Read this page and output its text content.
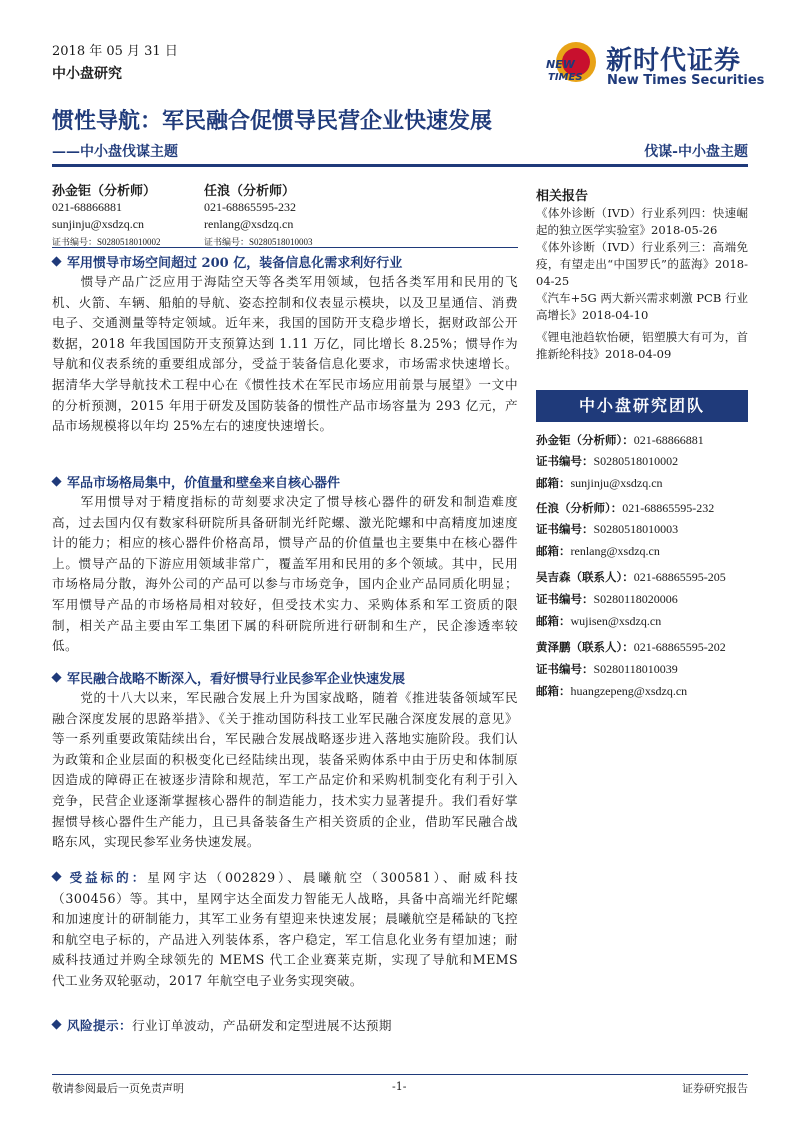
2018 年 05 月 31 日
中小盘研究
NEW
TIMES
新时代证券
New Times Securities
惯性导航：军民融合促惯导民营企业快速发展
——中小盘伐谋主题	伐谋-中小盘主题
孙金钜（分析师）
021-68866881
sunjinju@xsdzq.cn
证书编号：S0280518010002
任浪（分析师）
021-68865595-232
renlang@xsdzq.cn
证书编号：S0280518010003
军用惯导市场空间超过 200 亿，装备信息化需求利好行业
惯导产品广泛应用于海陆空天等各类军用领域，包括各类军用和民用的飞机、火箭、车辆、船舶的导航、姿态控制和仪表显示模块，以及卫星通信、消费电子、交通测量等特定领域。近年来，我国的国防开支稳步增长，据财政部公开数据，2018 年我国国防开支预算达到 1.11 万亿，同比增长 8.25%；惯导作为导航和仪表系统的重要组成部分，受益于装备信息化要求，市场需求快速增长。据清华大学导航技术工程中心在《惯性技术在军民市场应用前景与展望》一文中的分析预测，2015 年用于研发及国防装备的惯性产品市场容量为 293 亿元，产品市场规模将以年均 25%左右的速度快速增长。
军品市场格局集中，价值量和壁垒来自核心器件
军用惯导对于精度指标的苛刻要求决定了惯导核心器件的研发和制造难度高，过去国内仅有数家科研院所具备研制光纤陀螺、激光陀螺和中高精度加速度计的能力；相应的核心器件价格高昂，惯导产品的价值量也主要集中在核心器件上。惯导产品的下游应用领域非常广，覆盖军用和民用的多个领域。其中，民用市场格局分散，海外公司的产品可以参与市场竞争，国内企业产品同质化明显；军用惯导产品的市场格局相对较好，但受技术实力、采购体系和军工资质的限制，相关产品主要由军工集团下属的科研院所进行研制和生产，民企渗透率较低。
军民融合战略不断深入，看好惯导行业民参军企业快速发展
党的十八大以来，军民融合发展上升为国家战略，随着《推进装备领域军民融合深度发展的思路举措》、《关于推动国防科技工业军民融合深度发展的意见》等一系列重要政策陆续出台，军民融合发展战略逐步进入落地实施阶段。我们认为政策和企业层面的积极变化已经陆续出现，装备采购体系中由于历史和体制原因造成的障碍正在被逐步清除和规范，军工产品定价和采购机制变化有利于引入竞争，民营企业逐渐掌握核心器件的制造能力，技术实力显著提升。我们看好掌握惯导核心器件生产能力，且已具备装备生产相关资质的企业，借助军民融合战略东风，实现民参军业务快速发展。
受益标的：星网宇达（002829）、晨曦航空（300581）、耐威科技（300456）等。其中，星网宇达全面发力智能无人战略，具备中高端光纤陀螺和加速度计的研制能力，其军工业务有望迎来快速发展；晨曦航空是稀缺的飞控和航空电子标的，产品进入列装体系，客户稳定，军工信息化业务有望加速；耐威科技通过并购全球领先的 MEMS 代工企业赛莱克斯，实现了导航和MEMS 代工业务双轮驱动，2017 年航空电子业务实现突破。
风险提示：行业订单波动，产品研发和定型进展不达预期
相关报告
《体外诊断（IVD）行业系列四：快速崛起的独立医学实验室》2018-05-26
《体外诊断（IVD）行业系列三：高端免疫，有望走出“中国罗氏”的蓝海》2018-04-25
《汽车+5G 两大新兴需求刺激 PCB 行业高增长》2018-04-10
《锂电池趋软怡硬，铝塑膜大有可为，首推新纶科技》2018-04-09
中小盘研究团队
孙金钜（分析师）：021-68866881
证书编号：S0280518010002
邮箱：sunjinju@xsdzq.cn
任浪（分析师）：021-68865595-232
证书编号：S0280518010003
邮箱：renlang@xsdzq.cn
吴吉森（联系人）：021-68865595-205
证书编号：S0280118020006
邮箱：wujisen@xsdzq.cn
黄泽鹏（联系人）：021-68865595-202
证书编号：S0280118010039
邮箱：huangzepeng@xsdzq.cn
敬请参阅最后一页免责声明	-1-	证券研究报告
